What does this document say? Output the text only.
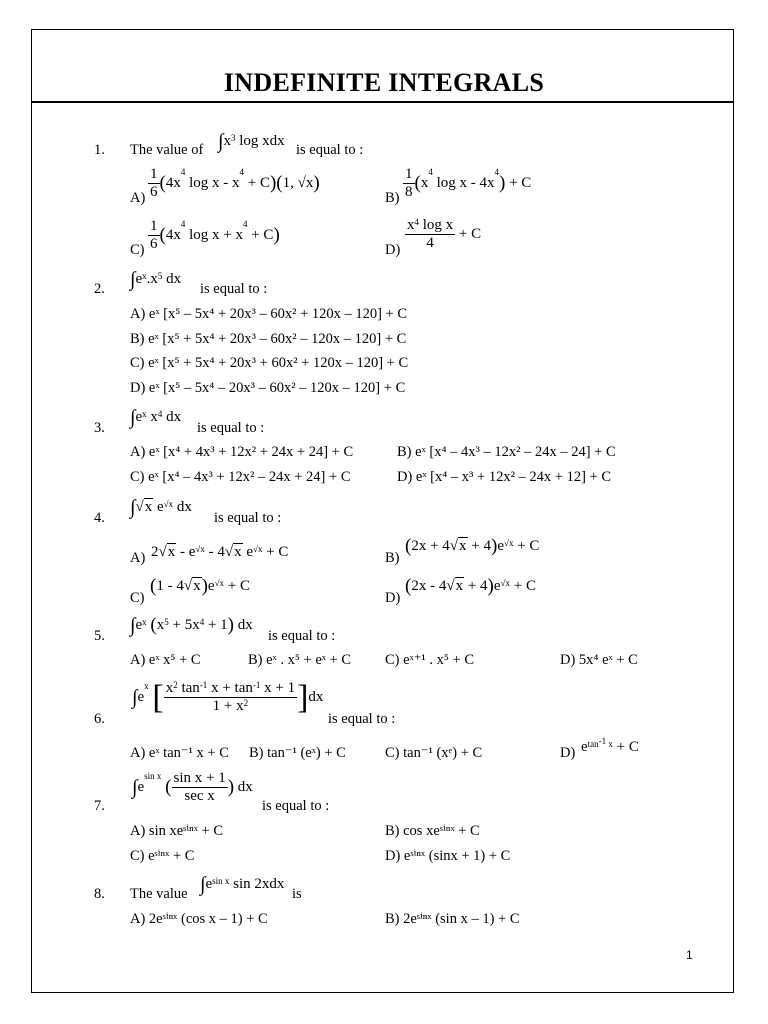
INDEFINITE INTEGRALS
1. The value of $\int x^3$ log xdx
is equal to :
$A) \frac{1}{6} (4x^4$ $\log x - x^4 + C)(1$, √x)
$B) \frac{1}{8} (x^4$ $\log x - 4x^4) + C$
$C) \frac{1}{6} (4x^4$ $\log x + x^4 + C$)
$D) \frac{x^4 \log x}{4} + C$
2. $\int e^x.x^5$ dx
is equal to :
A) eˣ [x⁵ – 5x⁴ + 20x³ – 60x² + 120x – 120] + C
B) eˣ [x⁵ + 5x⁴ + 20x³ – 60x² – 120x – 120] + C
C) eˣ [x⁵ + 5x⁴ + 20x³ + 60x² + 120x – 120] + C
D) eˣ [x⁵ – 5x⁴ – 20x³ – 60x² – 120x – 120] + C
3. $\int e^x$ $x^4$ dx
is equal to :
A) eˣ [x⁴ + 4x³ + 12x² + 24x + 24] + C	B) eˣ [x⁴ – 4x³ – 12x² – 24x – 24] + C
C) eˣ [x⁴ – 4x³ + 12x² – 24x + 24] + C	D) eˣ [x⁴ – x³ + 12x² – 24x + 12] + C
4. ∫√x $e^{√x}$ dx
is equal to :
A) $2√x - e^{√x} - 4√x$ $e^{√x} + C$	B)
$(2x + 4√x + 4)e^{√x} + C$
C)
$(1 - 4√x)e^{√x} + C$
D)
$(2x - 4√x + 4)e^{√x} + C$
5. $\int e^x$ $(x^5 + 5x^4 + 1)$ dx
is equal to :
A) eˣ x⁵ + C	B) eˣ . x⁵ + eˣ + C C) eˣ⁺¹ . x⁵ + C	D) 5x⁴ eˣ + C
6.
$\int e^x$ [ $\frac{x^2 \tan^{-1} x + \tan^{-1} x + 1}{1 + x^2} ]dx$
is equal to :
A) eˣ tan⁻¹ x + C B) tan⁻¹ (eˣ) + C	C) tan⁻¹ (xᵉ) + C	D) $e^{tan^{-1} x} + C$
7.
$\int e^{sin x}$ ( $\frac{\text{sin x + 1}}{\text{sec x}}$ ) dx
is equal to :
A) sin xeˢⁱⁿˣ + C	B) cos xeˢⁱⁿˣ + C
C) eˢⁱⁿˣ + C	D) eˢⁱⁿˣ (sinx + 1) + C
8. The value $\int e^{sin x}$ sin 2xdx
is
A) 2eˢⁱⁿˣ (cos x – 1) + C	B) 2eˢⁱⁿˣ (sin x – 1) + C
1
